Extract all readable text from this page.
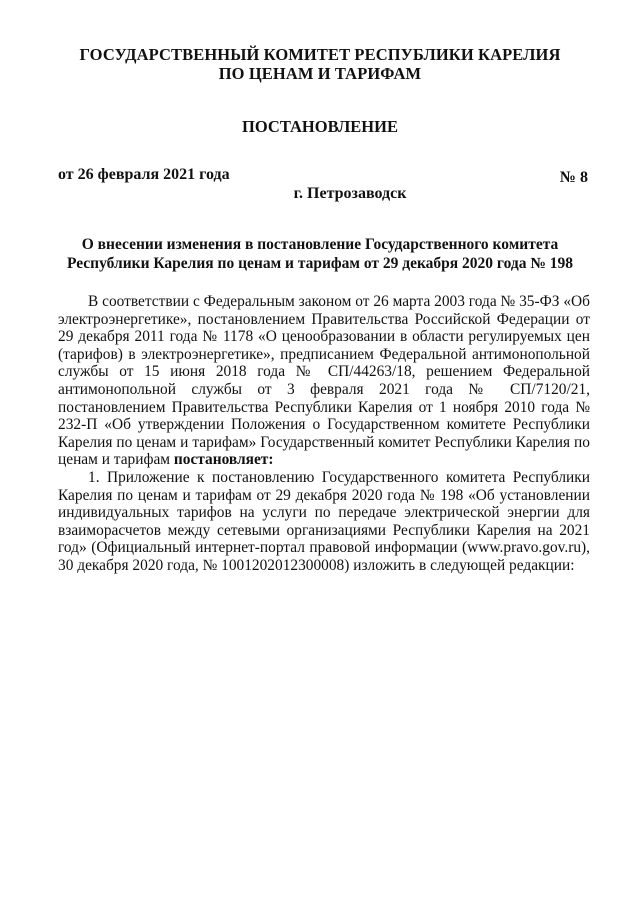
ГОСУДАРСТВЕННЫЙ КОМИТЕТ РЕСПУБЛИКИ КАРЕЛИЯ
ПО ЦЕНАМ И ТАРИФАМ
ПОСТАНОВЛЕНИЕ
от 26 февраля 2021 года	№ 8
г. Петрозаводск
О внесении изменения в постановление Государственного комитета
Республики Карелия по ценам и тарифам от 29 декабря 2020 года № 198

В соответствии с Федеральным законом от 26 марта 2003 года № 35-ФЗ «Об электроэнергетике», постановлением Правительства Российской Федерации от 29 декабря 2011 года № 1178 «О ценообразовании в области регулируемых цен (тарифов) в электроэнергетике», предписанием Федеральной антимонопольной службы от 15 июня 2018 года № СП/44263/18, решением Федеральной антимонопольной службы от 3 февраля 2021 года № СП/7120/21, постановлением Правительства Республики Карелия от 1 ноября 2010 года № 232-П «Об утверждении Положения о Государственном комитете Республики Карелия по ценам и тарифам» Государственный комитет Республики Карелия по ценам и тарифам постановляет:

1. Приложение к постановлению Государственного комитета Республики Карелия по ценам и тарифам от 29 декабря 2020 года № 198 «Об установлении индивидуальных тарифов на услуги по передаче электрической энергии для взаиморасчетов между сетевыми организациями Республики Карелия на 2021 год» (Официальный интернет-портал правовой информации (www.pravo.gov.ru), 30 декабря 2020 года, № 1001202012300008) изложить в следующей редакции:
